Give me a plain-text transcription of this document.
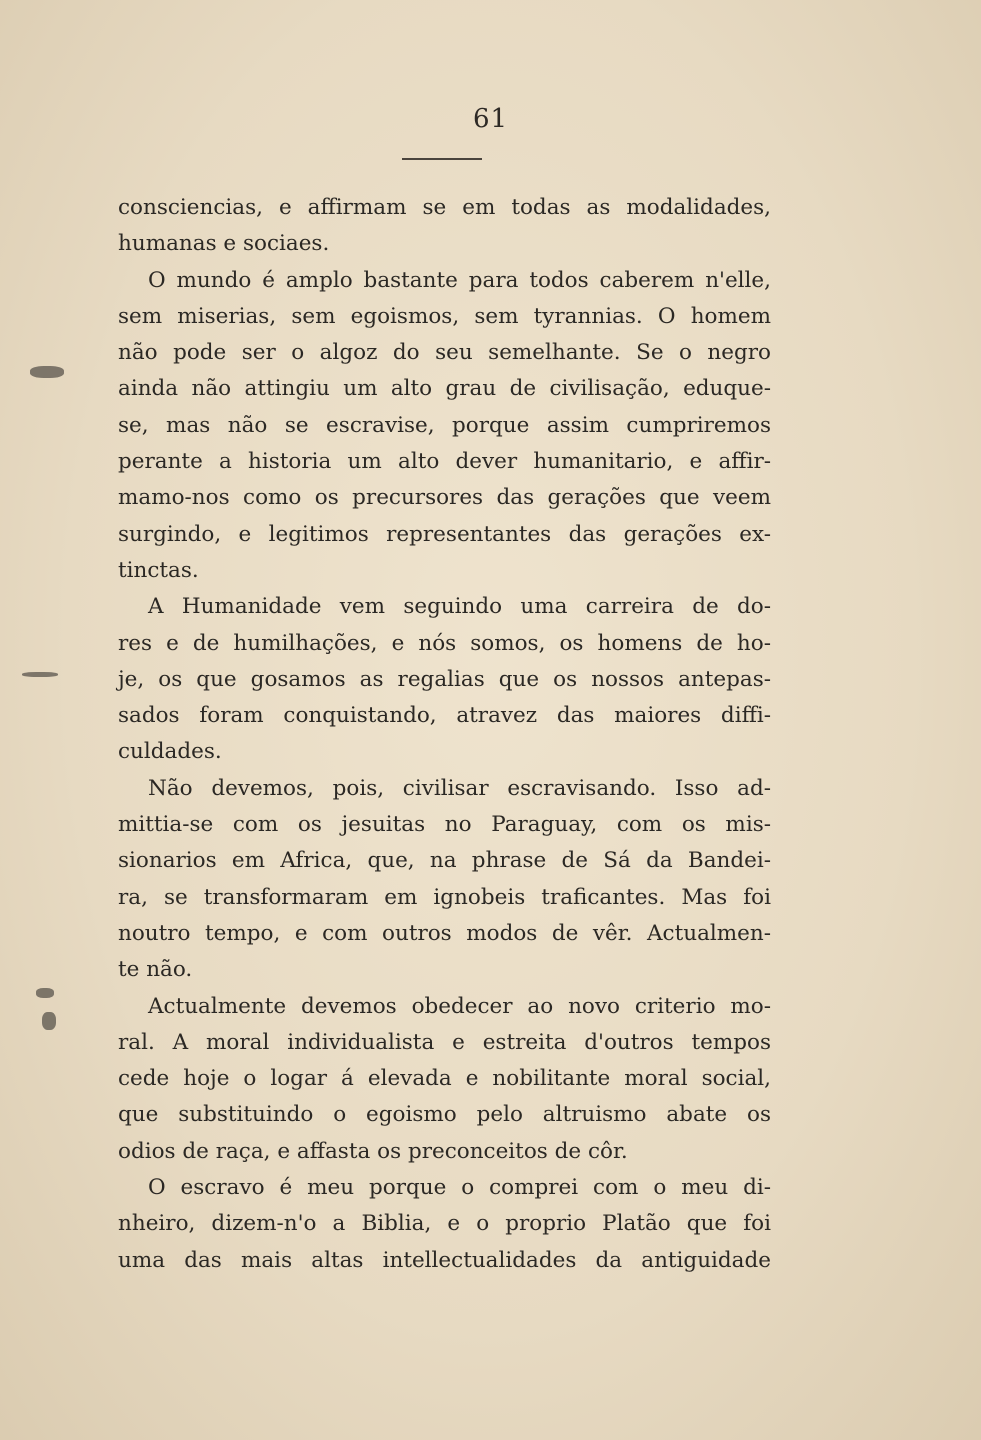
61
consciencias, e affirmam se em todas as modalidades,
humanas e sociaes.
O mundo é amplo bastante para todos caberem n'elle,
sem miserias, sem egoismos, sem tyrannias. O homem
não pode ser o algoz do seu semelhante. Se o negro
ainda não attingiu um alto grau de civilisação, eduque-
se, mas não se escravise, porque assim cumpriremos
perante a historia um alto dever humanitario, e affir-
mamo-nos como os precursores das gerações que veem
surgindo, e legitimos representantes das gerações ex-
tinctas.
A Humanidade vem seguindo uma carreira de do-
res e de humilhações, e nós somos, os homens de ho-
je, os que gosamos as regalias que os nossos antepas-
sados foram conquistando, atravez das maiores diffi-
culdades.
Não devemos, pois, civilisar escravisando. Isso ad-
mittia-se com os jesuitas no Paraguay, com os mis-
sionarios em Africa, que, na phrase de Sá da Bandei-
ra, se transformaram em ignobeis traficantes. Mas foi
noutro tempo, e com outros modos de vêr. Actualmen-
te não.
Actualmente devemos obedecer ao novo criterio mo-
ral. A moral individualista e estreita d'outros tempos
cede hoje o logar á elevada e nobilitante moral social,
que substituindo o egoismo pelo altruismo abate os
odios de raça, e affasta os preconceitos de côr.
O escravo é meu porque o comprei com o meu di-
nheiro, dizem-n'o a Biblia, e o proprio Platão que foi
uma das mais altas intellectualidades da antiguidade
